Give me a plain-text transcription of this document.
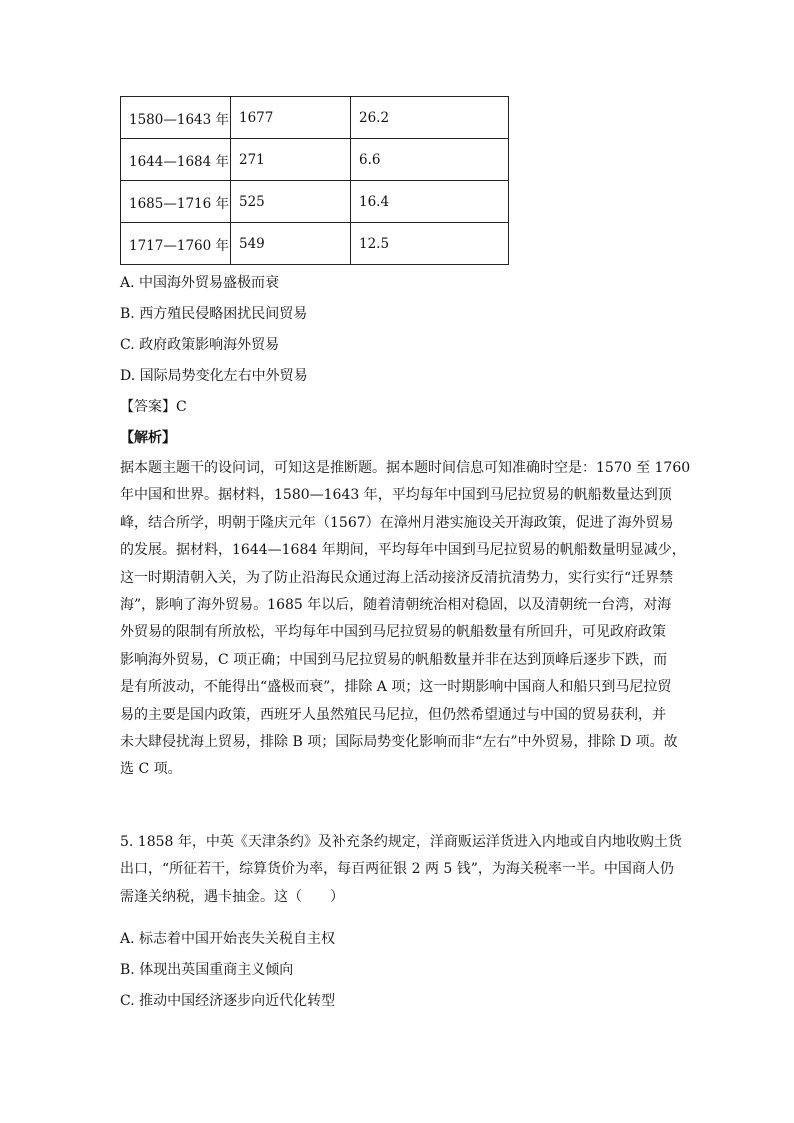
1580—1643 年	1677	26.2
1644—1684 年	271	6.6
1685—1716 年	525	16.4
1717—1760 年	549	12.5
A. 中国海外贸易盛极而衰
B. 西方殖民侵略困扰民间贸易
C. 政府政策影响海外贸易
D. 国际局势变化左右中外贸易
【答案】C
【解析】
据本题主题干的设问词，可知这是推断题。据本题时间信息可知准确时空是：1570 至 1760
年中国和世界。据材料，1580—1643 年，平均每年中国到马尼拉贸易的帆船数量达到顶
峰，结合所学，明朝于隆庆元年（1567）在漳州月港实施设关开海政策，促进了海外贸易
的发展。据材料，1644—1684 年期间，平均每年中国到马尼拉贸易的帆船数量明显减少，
这一时期清朝入关，为了防止沿海民众通过海上活动接济反清抗清势力，实行实行“迁界禁
海”，影响了海外贸易。1685 年以后，随着清朝统治相对稳固，以及清朝统一台湾，对海
外贸易的限制有所放松，平均每年中国到马尼拉贸易的帆船数量有所回升，可见政府政策
影响海外贸易，C 项正确；中国到马尼拉贸易的帆船数量并非在达到顶峰后逐步下跌，而
是有所波动，不能得出“盛极而衰”，排除 A 项；这一时期影响中国商人和船只到马尼拉贸
易的主要是国内政策，西班牙人虽然殖民马尼拉，但仍然希望通过与中国的贸易获利，并
未大肆侵扰海上贸易，排除 B 项；国际局势变化影响而非“左右”中外贸易，排除 D 项。故
选 C 项。
5. 1858 年，中英《天津条约》及补充条约规定，洋商贩运洋货进入内地或自内地收购土货
出口，“所征若干，综算货价为率，每百两征银 2 两 5 钱”，为海关税率一半。中国商人仍
需逢关纳税，遇卡抽金。这（　　）
A. 标志着中国开始丧失关税自主权
B. 体现出英国重商主义倾向
C. 推动中国经济逐步向近代化转型
